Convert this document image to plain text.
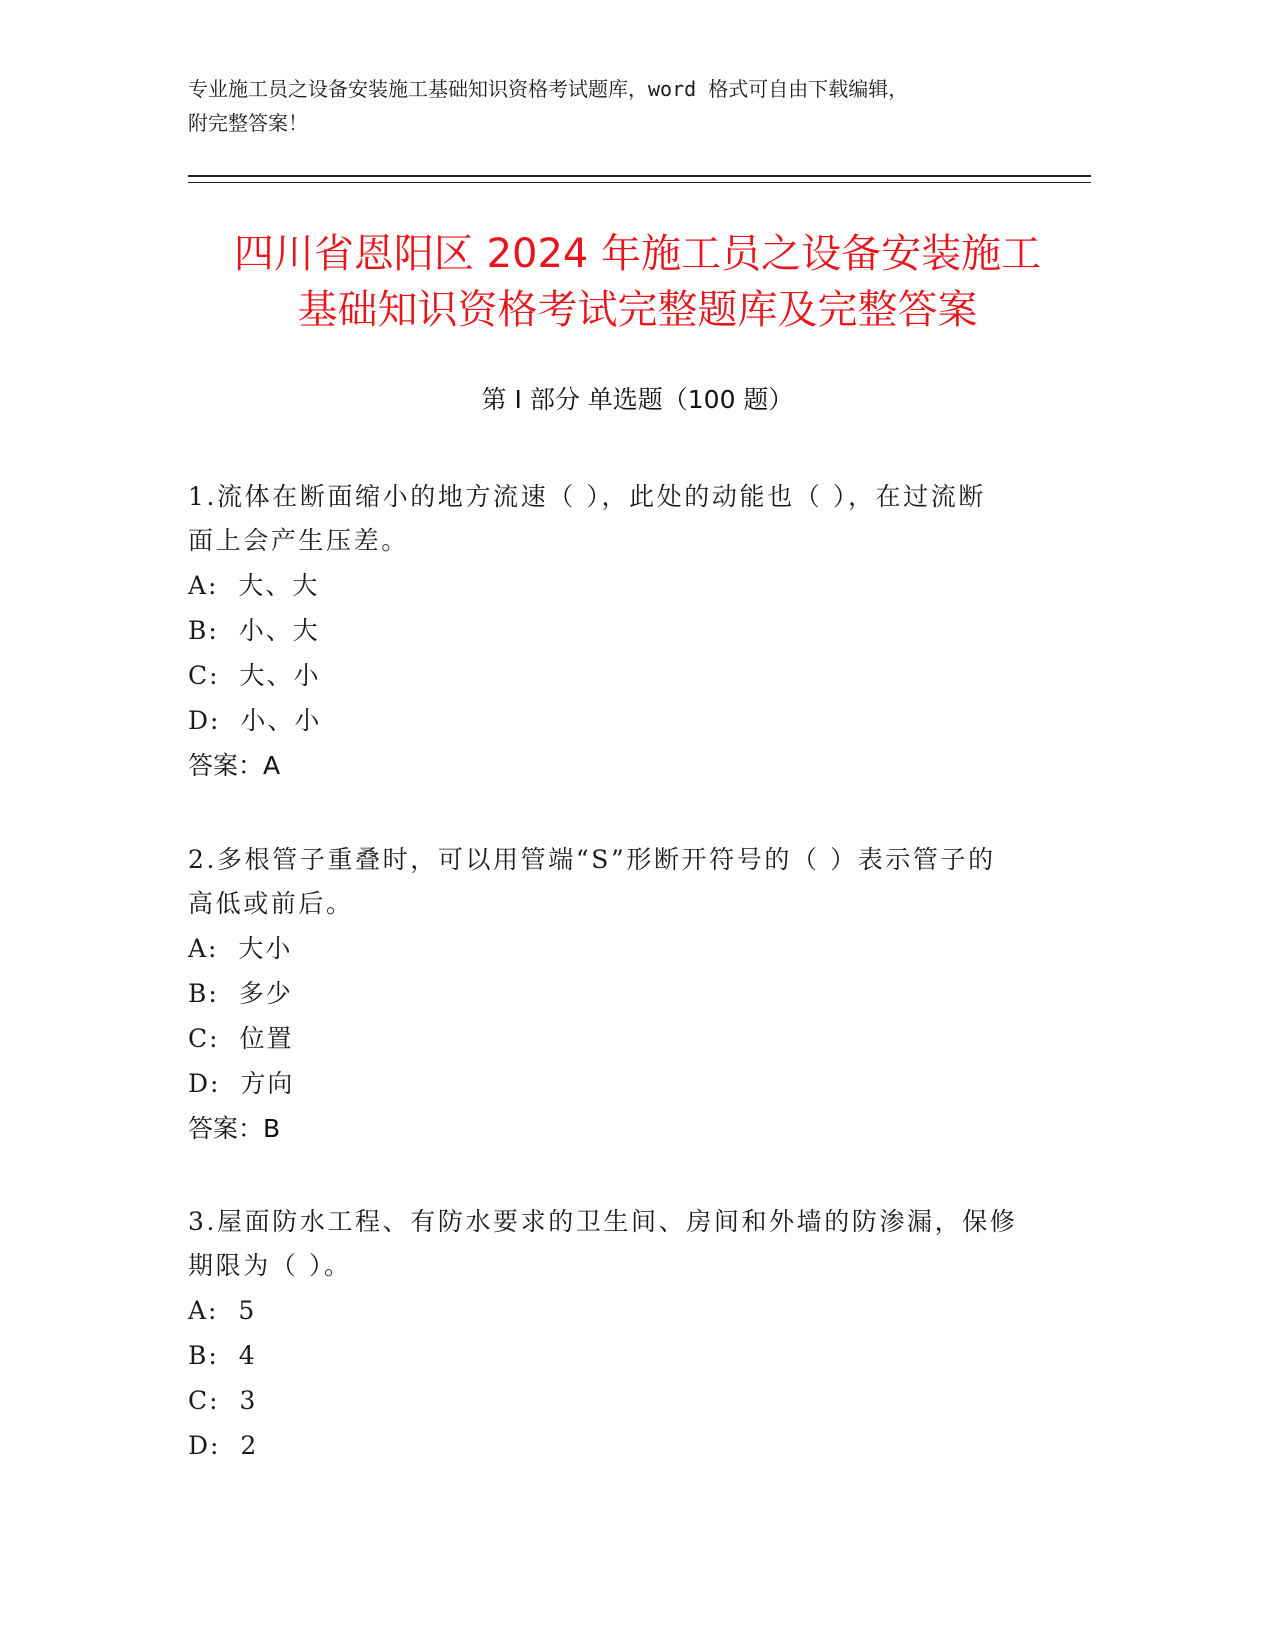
专业施工员之设备安装施工基础知识资格考试题库，word 格式可自由下载编辑，
附完整答案！
四川省恩阳区 2024 年施工员之设备安装施工
基础知识资格考试完整题库及完整答案
第 I 部分 单选题（100 题）

1.流体在断面缩小的地方流速（ ），此处的动能也（ ），在过流断

面上会产生压差。

A:  大、大

B:  小、大

C:  大、小

D:  小、小

答案：A

2.多根管子重叠时，可以用管端“S”形断开符号的（ ）表示管子的

高低或前后。

A:  大小

B:  多少

C:  位置

D:  方向

答案：B

3.屋面防水工程、有防水要求的卫生间、房间和外墙的防渗漏，保修

期限为（ ）。

A:  5

B:  4

C:  3

D:  2
